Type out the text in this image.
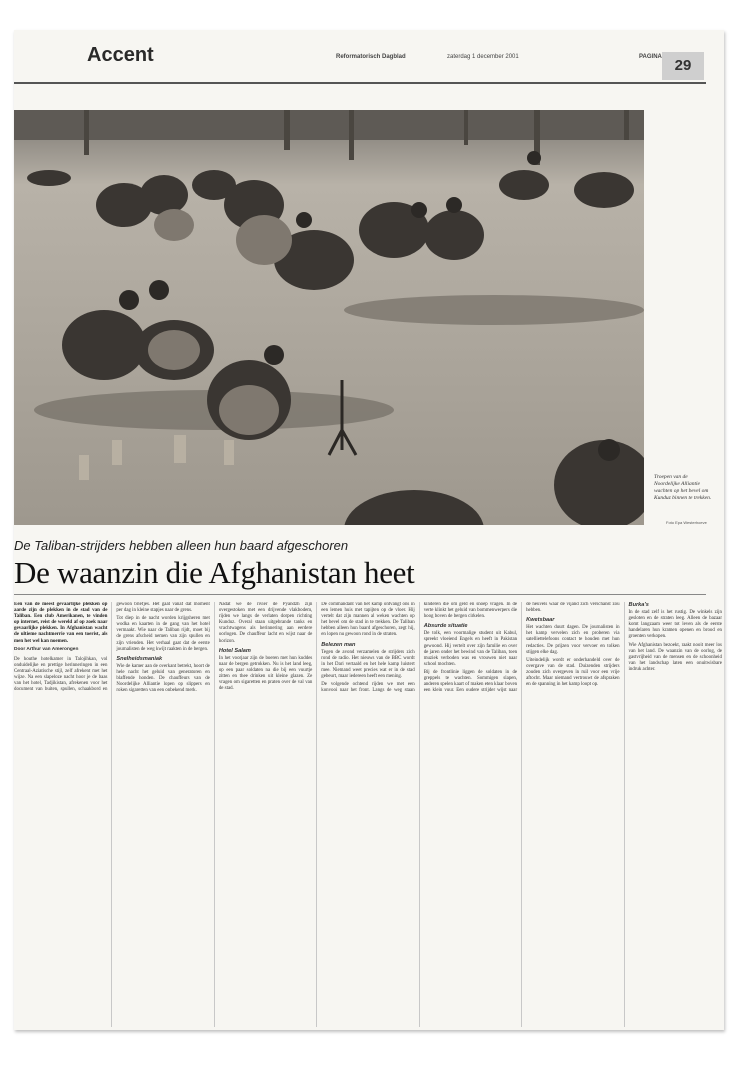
Accent	Reformatorisch Dagblad	zaterdag 1 december 2001	PAGINA 29
Troepen van de Noordelijke Alliantie wachten op het bevel om Kunduz binnen te trekken.
Foto Epa Westerhoeve
De Taliban-strijders hebben alleen hun baard afgeschoren
De waanzin die Afghanistan heet

Een van de meest gevaarlijke plekken op aarde zijn de plekken in de stad van de Taliban. Een club Amerikanen, te vinden op internet, reist de wereld af op zoek naar gevaarlijke plekken. In Afghanistan wacht de ultieme nachtmerrie van een toerist, als men het wel kan noemen.

Door Arthur van Amerongen

De houthe hotelkamer in Talojihkan, vol onduidelijke en prettige herinneringen in een Centraal-Aziatische stijl, zelf afrekent met het wijze. Na een slapeloze nacht hoor je de baas van het hotel, Tadjikistan, afrekenen voor het document van buiten, spullen, schaakbord en gewoon briefjes. Het gaat vanaf dat moment per dag in kleine stapjes naar de grens.

Tot diep in de nacht worden krijgsheren met wodka en kaarten in de gang van het hotel vermaakt. Wie naar de Taliban rijdt, moet bij de grens afscheid nemen van zijn spullen en zijn vrienden. Het verhaal gaat dat de eerste journalisten de weg kwijt raakten in de bergen.

Snelheidsmaniak

Wie de kamer aan de overkant betrekt, hoort de hele nacht het geluid van generatoren en blaffende honden. De chauffeurs van de Noordelijke Alliantie lopen op slippers en roken sigaretten van een onbekend merk.

Nadat we de rivier de Pyandzh zijn overgestoken met een drijvende vlakbodem, rijden we langs de verlaten dorpen richting Kunduz. Overal staan uitgebrande tanks en vrachtwagens als herinnering aan eerdere oorlogen. De chauffeur lacht en wijst naar de horizon.

Hotel Salam

In het voorjaar zijn de boeren met hun kuddes naar de bergen getrokken. Nu is het land leeg, op een paar soldaten na die bij een vuurtje zitten en thee drinken uit kleine glazen. Ze vragen om sigaretten en praten over de val van de stad.

De commandant van het kamp ontvangt ons in een lemen huis met tapijten op de vloer. Hij vertelt dat zijn mannen al weken wachten op het bevel om de stad in te trekken. De Taliban hebben alleen hun baard afgeschoren, zegt hij, en lopen nu gewoon rond in de straten.

Belezen man

Tegen de avond verzamelen de strijders zich rond de radio. Het nieuws van de BBC wordt in het Dari vertaald en het hele kamp luistert mee. Niemand weet precies wat er in de stad gebeurt, maar iedereen heeft een mening.

De volgende ochtend rijden we met een konvooi naar het front. Langs de weg staan kinderen die om geld en snoep vragen. In de verte klinkt het geluid van bommenwerpers die hoog boven de bergen cirkelen.

Absurde situatie

De tolk, een voormalige student uit Kabul, spreekt vloeiend Engels en heeft in Pakistan gewoond. Hij vertelt over zijn familie en over de jaren onder het bewind van de Taliban, toen muziek verboden was en vrouwen niet naar school mochten.

Bij de frontlinie liggen de soldaten in de greppels te wachten. Sommigen slapen, anderen spelen kaart of maken eten klaar boven een klein vuur. Een oudere strijder wijst naar de heuvels waar de vijand zich verschanst zou hebben.

Kwetsbaar

Het wachten duurt dagen. De journalisten in het kamp vervelen zich en proberen via satelliettelefoons contact te houden met hun redacties. De prijzen voor vervoer en tolken stijgen elke dag.

Uiteindelijk wordt er onderhandeld over de overgave van de stad. Duizenden strijders zouden zich overgeven in ruil voor een vrije aftocht. Maar niemand vertrouwt de afspraken en de spanning in het kamp loopt op.

Burka's

In de stad zelf is het rustig. De winkels zijn gesloten en de straten leeg. Alleen de bazaar komt langzaam weer tot leven als de eerste handelaren hun kramen openen en brood en groenten verkopen.

Wie Afghanistan bezoekt, raakt nooit meer los van het land. De waanzin van de oorlog, de gastvrijheid van de mensen en de schoonheid van het landschap laten een onuitwisbare indruk achter.
